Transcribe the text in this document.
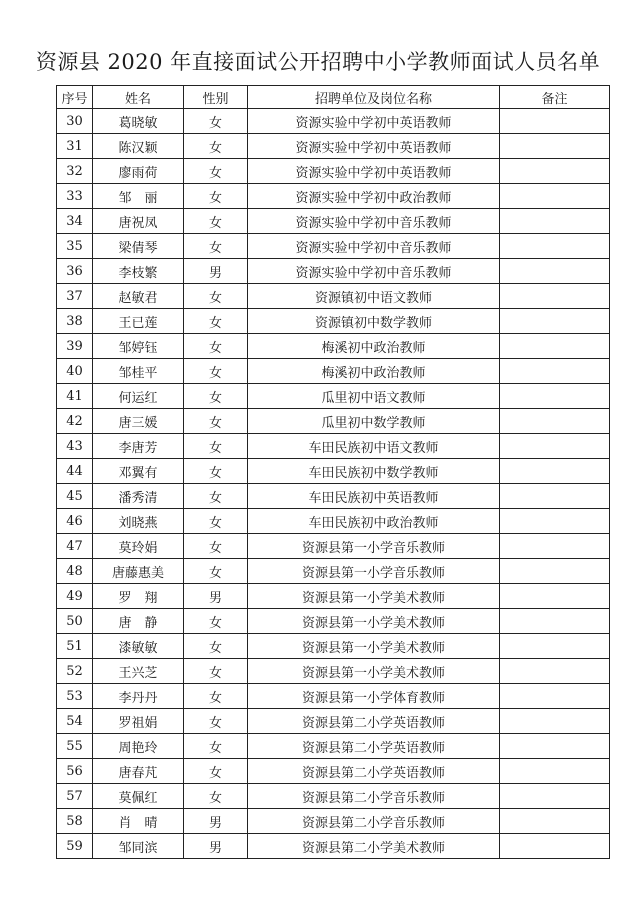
资源县 2020 年直接面试公开招聘中小学教师面试人员名单
序号	姓名	性别	招聘单位及岗位名称	备注
30	葛晓敏	女	资源实验中学初中英语教师	
31	陈汉颖	女	资源实验中学初中英语教师	
32	廖雨荷	女	资源实验中学初中英语教师	
33	邹　丽	女	资源实验中学初中政治教师	
34	唐祝凤	女	资源实验中学初中音乐教师	
35	梁倩琴	女	资源实验中学初中音乐教师	
36	李枝繁	男	资源实验中学初中音乐教师	
37	赵敏君	女	资源镇初中语文教师	
38	王已莲	女	资源镇初中数学教师	
39	邹婷钰	女	梅溪初中政治教师	
40	邹桂平	女	梅溪初中政治教师	
41	何运红	女	瓜里初中语文教师	
42	唐三媛	女	瓜里初中数学教师	
43	李唐芳	女	车田民族初中语文教师	
44	邓翼有	女	车田民族初中数学教师	
45	潘秀清	女	车田民族初中英语教师	
46	刘晓燕	女	车田民族初中政治教师	
47	莫玲娟	女	资源县第一小学音乐教师	
48	唐藤惠美	女	资源县第一小学音乐教师	
49	罗　翔	男	资源县第一小学美术教师	
50	唐　静	女	资源县第一小学美术教师	
51	漆敏敏	女	资源县第一小学美术教师	
52	王兴芝	女	资源县第一小学美术教师	
53	李丹丹	女	资源县第一小学体育教师	
54	罗祖娟	女	资源县第二小学英语教师	
55	周艳玲	女	资源县第二小学英语教师	
56	唐春芃	女	资源县第二小学英语教师	
57	莫佩红	女	资源县第二小学音乐教师	
58	肖　晴	男	资源县第二小学音乐教师	
59	邹同滨	男	资源县第二小学美术教师	
